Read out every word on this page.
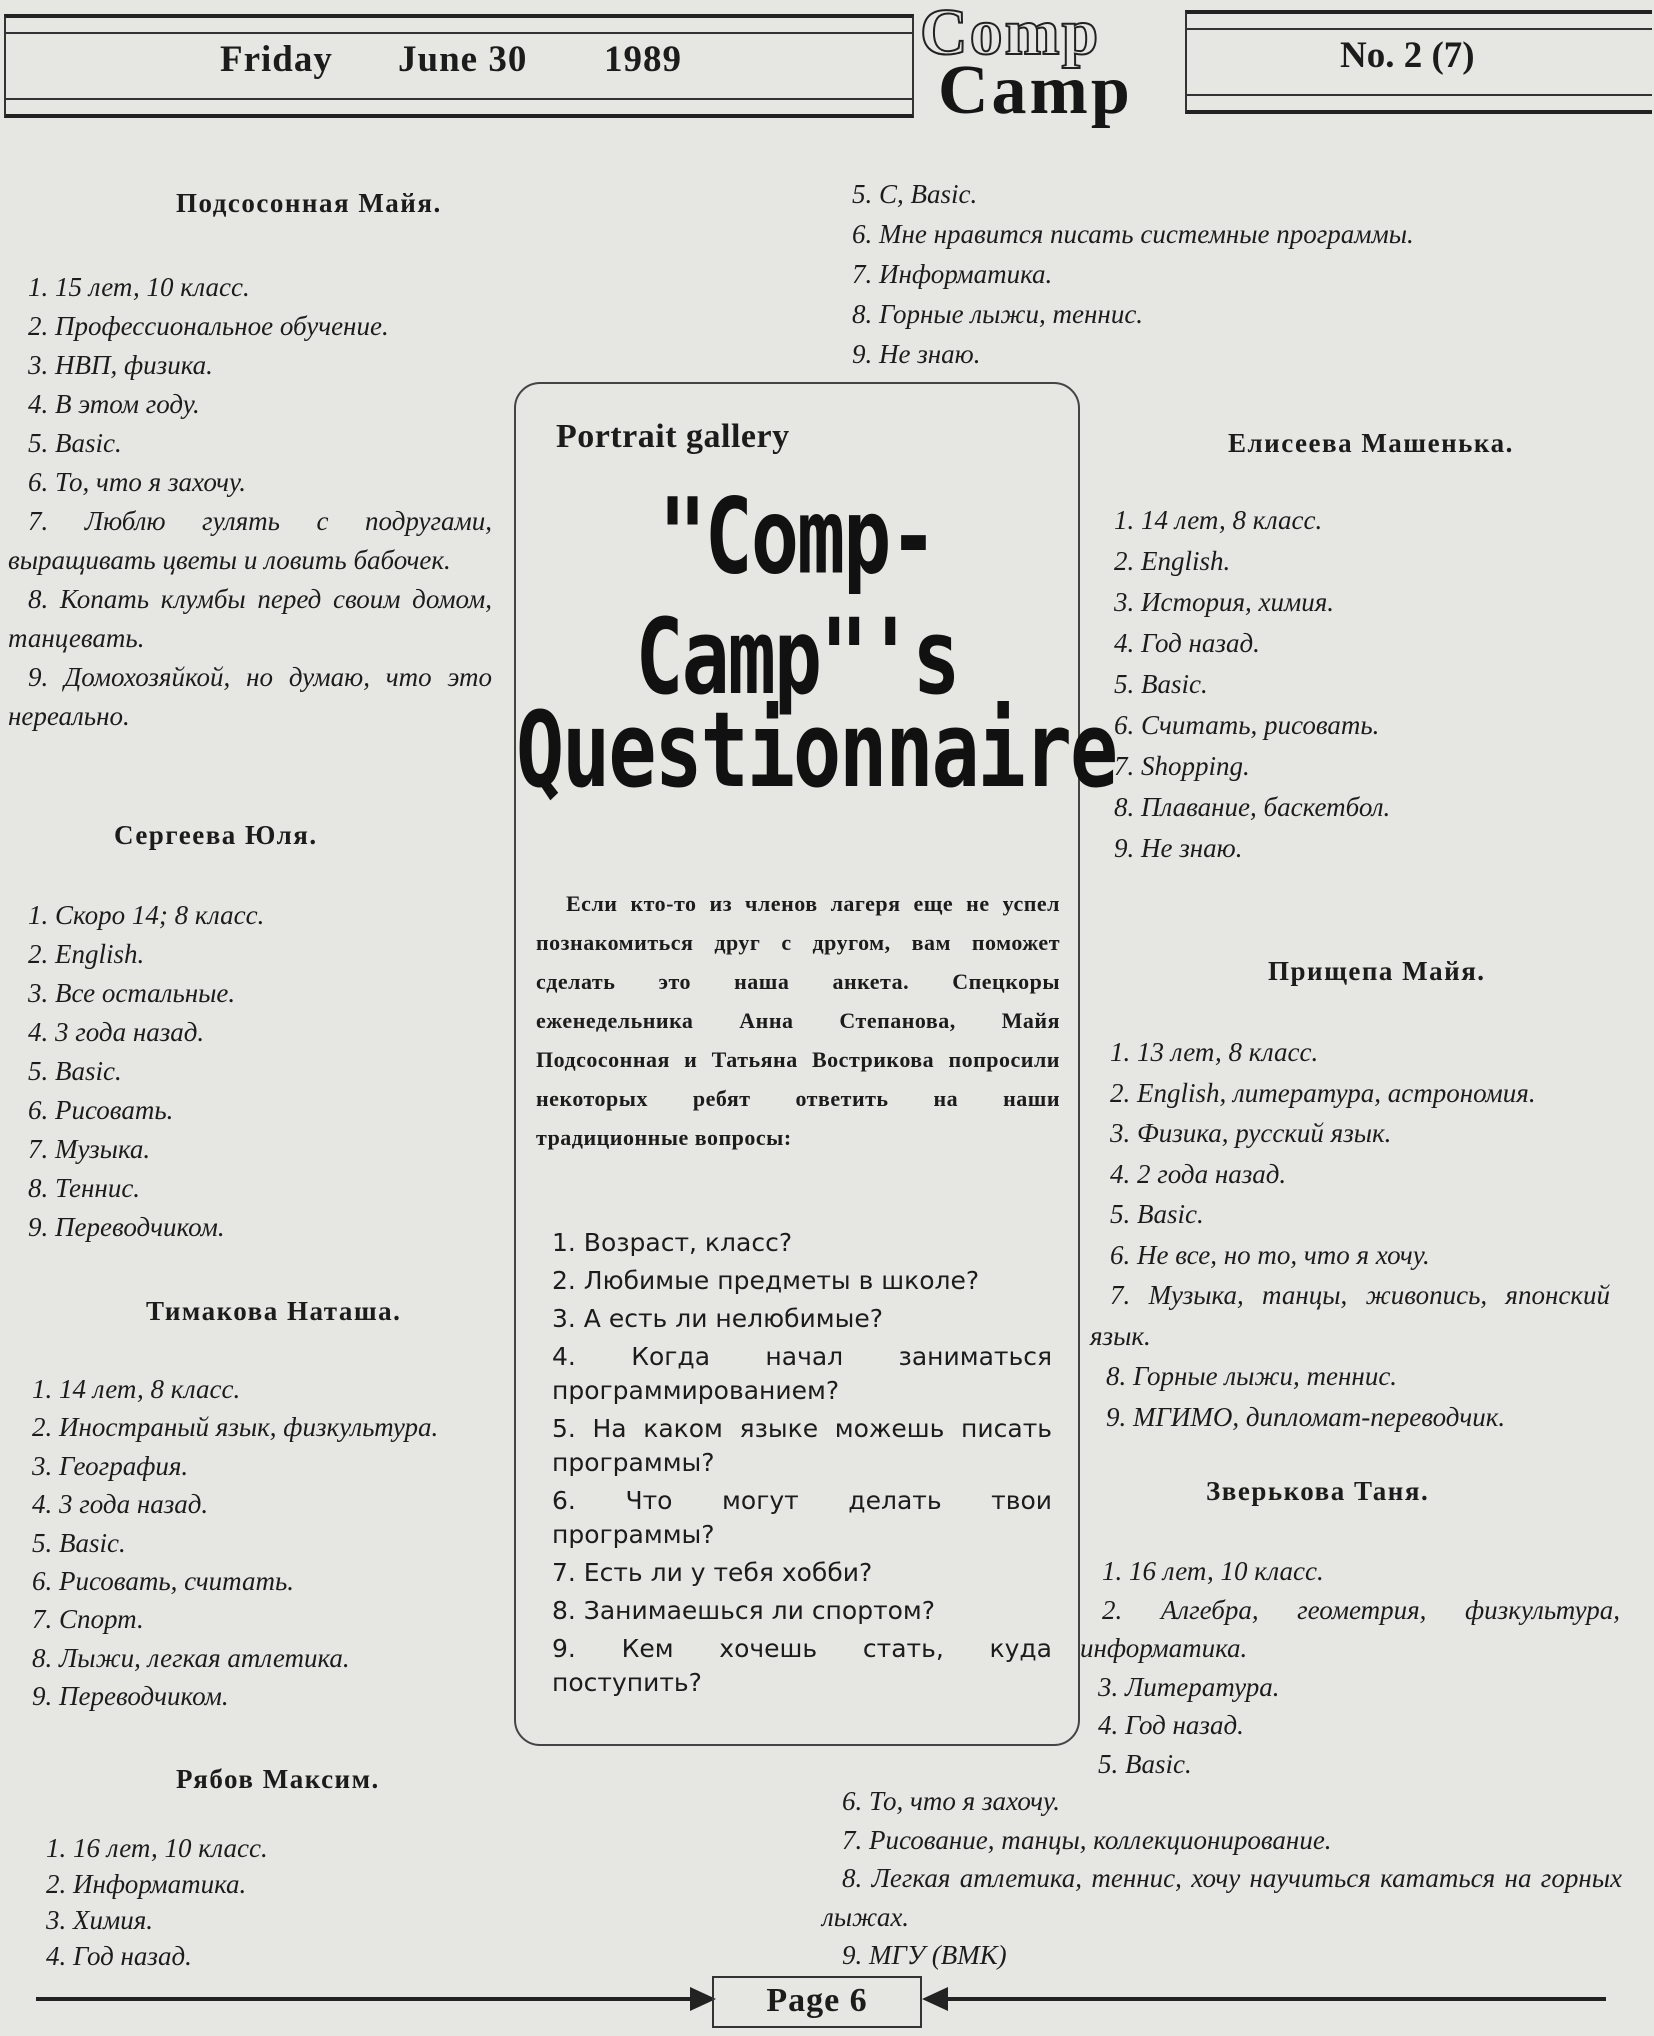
Friday June 30 1989	Comp
Camp	No. 2 (7)
Подсосонная Майя.
1. 15 лет, 10 класс.
2. Профессиональное обучение.
3. НВП, физика.
4. В этом году.
5. Basic.
6. То, что я захочу.
7. Люблю гулять с подругами, выращивать цветы и ловить бабочек.
8. Копать клумбы перед своим домом, танцевать.
9. Домохозяйкой, но думаю, что это нереально.
Сергеева Юля.
1. Скоро 14; 8 класс.
2. English.
3. Все остальные.
4. 3 года назад.
5. Basic.
6. Рисовать.
7. Музыка.
8. Теннис.
9. Переводчиком.
Тимакова Наташа.
1. 14 лет, 8 класс.
2. Иностраный язык, физкультура.
3. География.
4. 3 года назад.
5. Basic.
6. Рисовать, считать.
7. Спорт.
8. Лыжи, легкая атлетика.
9. Переводчиком.
Рябов Максим.
1. 16 лет, 10 класс.
2. Информатика.
3. Химия.
4. Год назад.
5. C, Basic.
6. Мне нравится писать системные программы.
7. Информатика.
8. Горные лыжи, теннис.
9. Не знаю.
Portrait gallery
"Comp-Camp"'s
Questionnaire
Если кто-то из членов лагеря еще не успел познакомиться друг с другом, вам поможет сделать это наша анкета. Спецкоры еженедельника Анна Степанова, Майя Подсосонная и Татьяна Вострикова попросили некоторых ребят ответить на наши традиционные вопросы:
1. Возраст, класс?
2. Любимые предметы в школе?
3. А есть ли нелюбимые?
4. Когда начал заниматься программированием?
5. На каком языке можешь писать программы?
6. Что могут делать твои программы?
7. Есть ли у тебя хобби?
8. Занимаешься ли спортом?
9. Кем хочешь стать, куда поступить?
Елисеева Машенька.
1. 14 лет, 8 класс.
2. English.
3. История, химия.
4. Год назад.
5. Basic.
6. Считать, рисовать.
7. Shopping.
8. Плавание, баскетбол.
9. Не знаю.
Прищепа Майя.
1. 13 лет, 8 класс.
2. English, литература, астрономия.
3. Физика, русский язык.
4. 2 года назад.
5. Basic.
6. Не все, но то, что я хочу.
7. Музыка, танцы, живопись, японский язык.
8. Горные лыжи, теннис.
9. МГИМО, дипломат-переводчик.
Зверькова Таня.
1. 16 лет, 10 класс.
2. Алгебра, геометрия, физкультура, информатика.
3. Литература.
4. Год назад.
5. Basic.
6. То, что я захочу.
7. Рисование, танцы, коллекционирование.
8. Легкая атлетика, теннис, хочу научиться кататься на горных лыжах.
9. МГУ (ВМК)
Page 6
